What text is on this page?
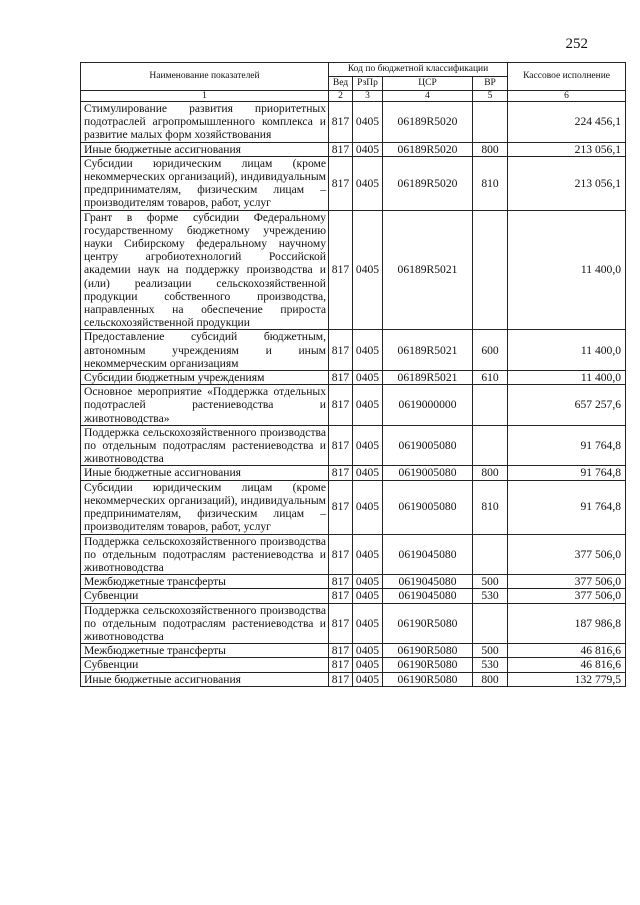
252
Наименование показателей	Код по бюджетной классификации				Кассовое исполнение
	Вед	РзПр	ЦСР	ВР	
1	2	3	4	5	6
Стимулирование развития приоритетных подотраслей агропромышленного комплекса и развитие малых форм хозяйствования	817	0405	06189R5020		224 456,1
Иные бюджетные ассигнования	817	0405	06189R5020	800	213 056,1
Субсидии юридическим лицам (кроме некоммерческих организаций), индивидуальным предпринимателям, физическим лицам – производителям товаров, работ, услуг	817	0405	06189R5020	810	213 056,1
Грант в форме субсидии Федеральному государственному бюджетному учреждению науки Сибирскому федеральному научному центру агробиотехнологий Российской академии наук на поддержку производства и (или) реализации сельскохозяйственной продукции собственного производства, направленных на обеспечение прироста сельскохозяйственной продукции	817	0405	06189R5021		11 400,0
Предоставление субсидий бюджетным, автономным учреждениям и иным некоммерческим организациям	817	0405	06189R5021	600	11 400,0
Субсидии бюджетным учреждениям	817	0405	06189R5021	610	11 400,0
Основное мероприятие «Поддержка отдельных подотраслей растениеводства и животноводства»	817	0405	0619000000		657 257,6
Поддержка сельскохозяйственного производства по отдельным подотраслям растениеводства и животноводства	817	0405	0619005080		91 764,8
Иные бюджетные ассигнования	817	0405	0619005080	800	91 764,8
Субсидии юридическим лицам (кроме некоммерческих организаций), индивидуальным предпринимателям, физическим лицам – производителям товаров, работ, услуг	817	0405	0619005080	810	91 764,8
Поддержка сельскохозяйственного производства по отдельным подотраслям растениеводства и животноводства	817	0405	0619045080		377 506,0
Межбюджетные трансферты	817	0405	0619045080	500	377 506,0
Субвенции	817	0405	0619045080	530	377 506,0
Поддержка сельскохозяйственного производства по отдельным подотраслям растениеводства и животноводства	817	0405	06190R5080		187 986,8
Межбюджетные трансферты	817	0405	06190R5080	500	46 816,6
Субвенции	817	0405	06190R5080	530	46 816,6
Иные бюджетные ассигнования	817	0405	06190R5080	800	132 779,5
